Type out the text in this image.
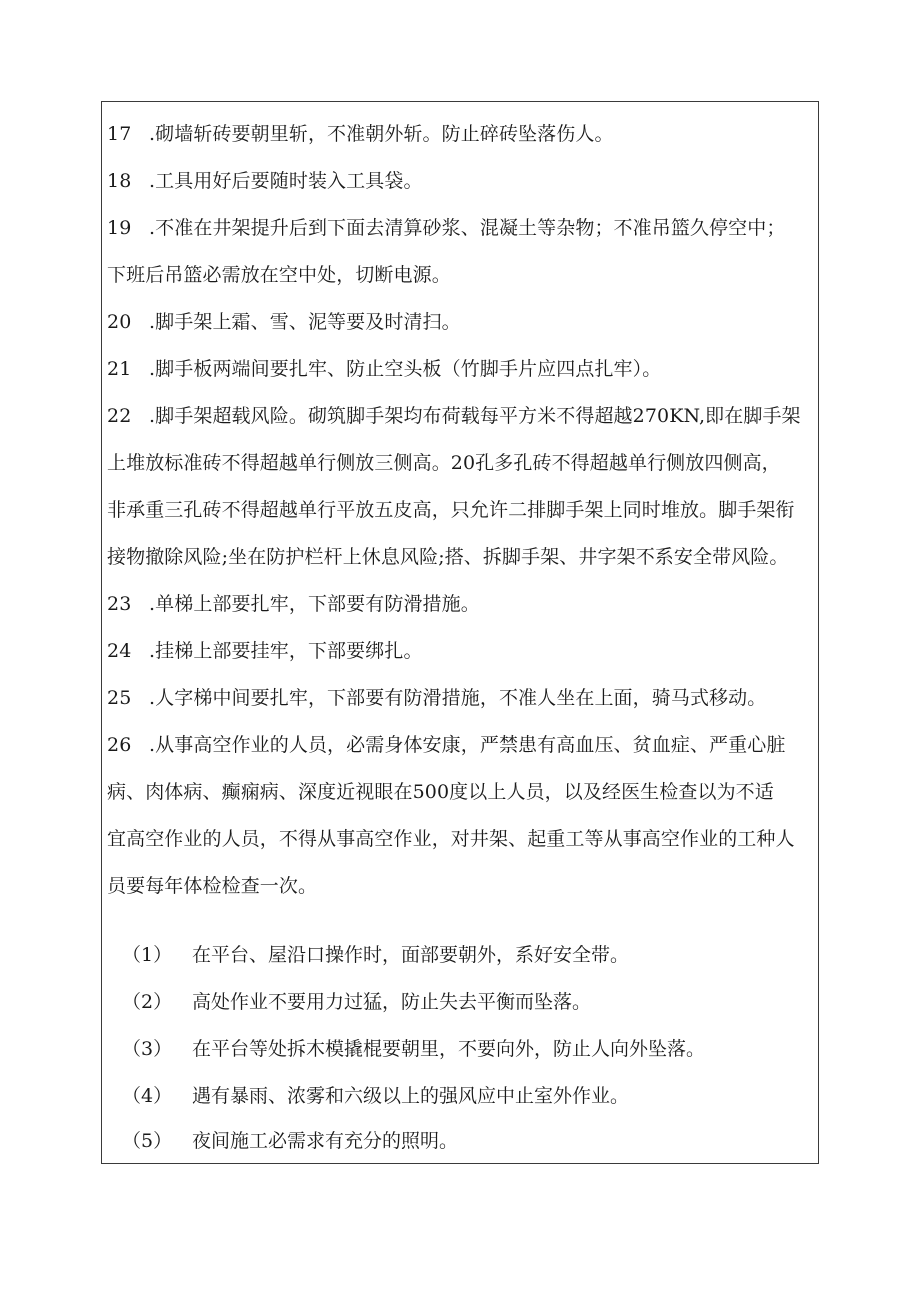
17 .砌墙斩砖要朝里斩，不准朝外斩。防止碎砖坠落伤人。
18 .工具用好后要随时装入工具袋。
19 .不准在井架提升后到下面去清算砂浆、混凝土等杂物；不准吊篮久停空中；
下班后吊篮必需放在空中处，切断电源。
20 .脚手架上霜、雪、泥等要及时清扫。
21 .脚手板两端间要扎牢、防止空头板（竹脚手片应四点扎牢）。
22 .脚手架超载风险。砌筑脚手架均布荷载每平方米不得超越270KN,即在脚手架
上堆放标准砖不得超越单行侧放三侧高。20孔多孔砖不得超越单行侧放四侧高，
非承重三孔砖不得超越单行平放五皮高，只允许二排脚手架上同时堆放。脚手架衔
接物撤除风险;坐在防护栏杆上休息风险;搭、拆脚手架、井字架不系安全带风险。
23 .单梯上部要扎牢，下部要有防滑措施。
24 .挂梯上部要挂牢，下部要绑扎。
25 .人字梯中间要扎牢，下部要有防滑措施，不准人坐在上面，骑马式移动。
26 .从事高空作业的人员，必需身体安康，严禁患有高血压、贫血症、严重心脏
病、肉体病、癫痫病、深度近视眼在500度以上人员，以及经医生检查以为不适
宜高空作业的人员，不得从事高空作业，对井架、起重工等从事高空作业的工种人
员要每年体检检查一次。
（1） 在平台、屋沿口操作时，面部要朝外，系好安全带。
（2） 高处作业不要用力过猛，防止失去平衡而坠落。
（3） 在平台等处拆木模撬棍要朝里，不要向外，防止人向外坠落。
（4） 遇有暴雨、浓雾和六级以上的强风应中止室外作业。
（5） 夜间施工必需求有充分的照明。
